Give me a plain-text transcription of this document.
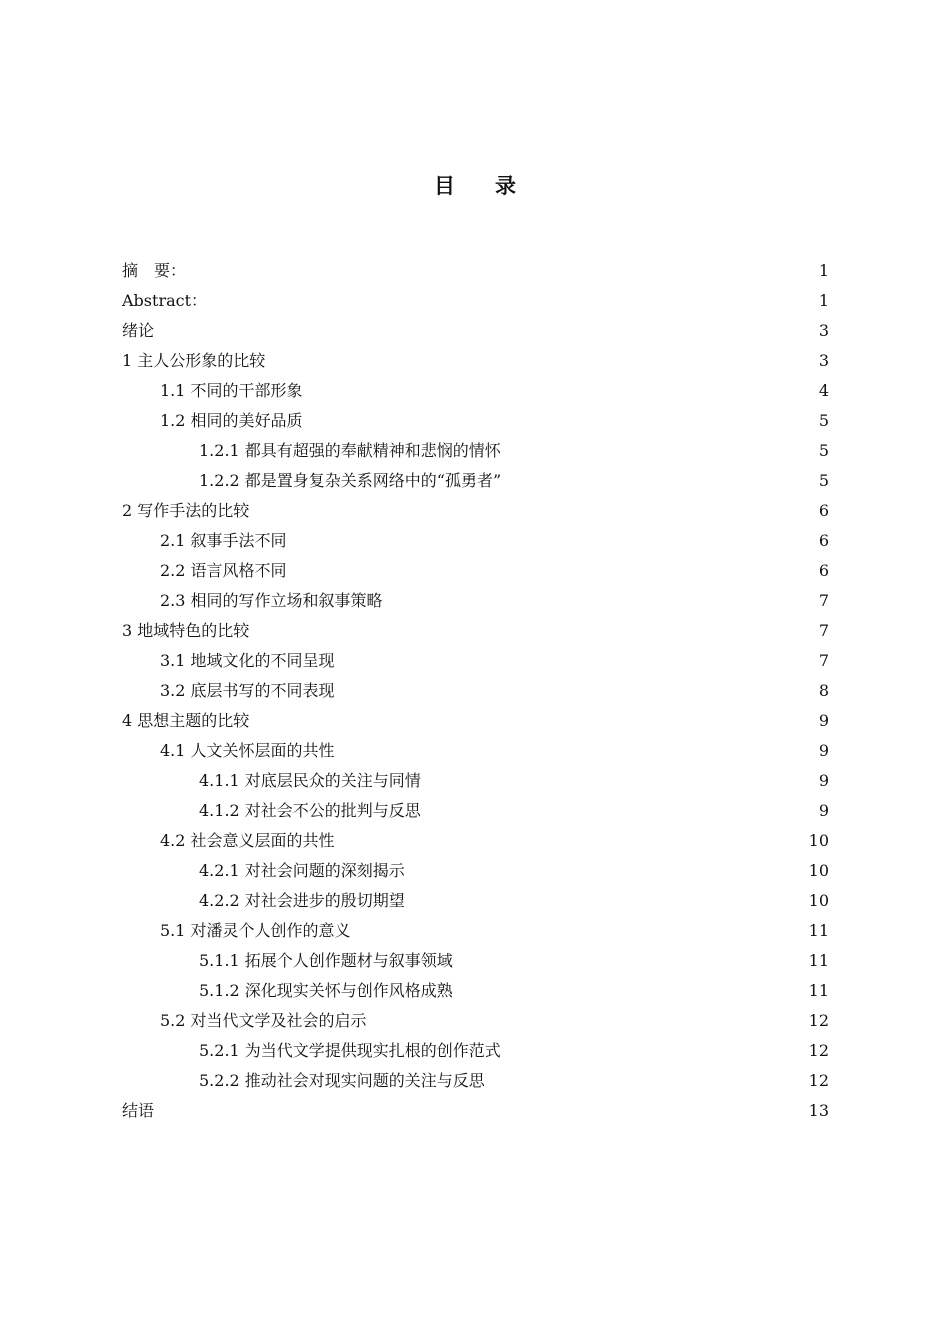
目 录
摘　要：	1
Abstract：	1
绪论	3
1 主人公形象的比较	3
1.1 不同的干部形象	4
1.2 相同的美好品质	5
1.2.1 都具有超强的奉献精神和悲悯的情怀	5
1.2.2 都是置身复杂关系网络中的“孤勇者”	5
2 写作手法的比较	6
2.1 叙事手法不同	6
2.2 语言风格不同	6
2.3 相同的写作立场和叙事策略	7
3 地域特色的比较	7
3.1 地域文化的不同呈现	7
3.2 底层书写的不同表现	8
4 思想主题的比较	9
4.1 人文关怀层面的共性	9
4.1.1 对底层民众的关注与同情	9
4.1.2 对社会不公的批判与反思	9
4.2 社会意义层面的共性	10
4.2.1 对社会问题的深刻揭示	10
4.2.2 对社会进步的殷切期望	10
5.1 对潘灵个人创作的意义	11
5.1.1 拓展个人创作题材与叙事领域	11
5.1.2 深化现实关怀与创作风格成熟	11
5.2 对当代文学及社会的启示	12
5.2.1 为当代文学提供现实扎根的创作范式	12
5.2.2 推动社会对现实问题的关注与反思	12
结语	13
